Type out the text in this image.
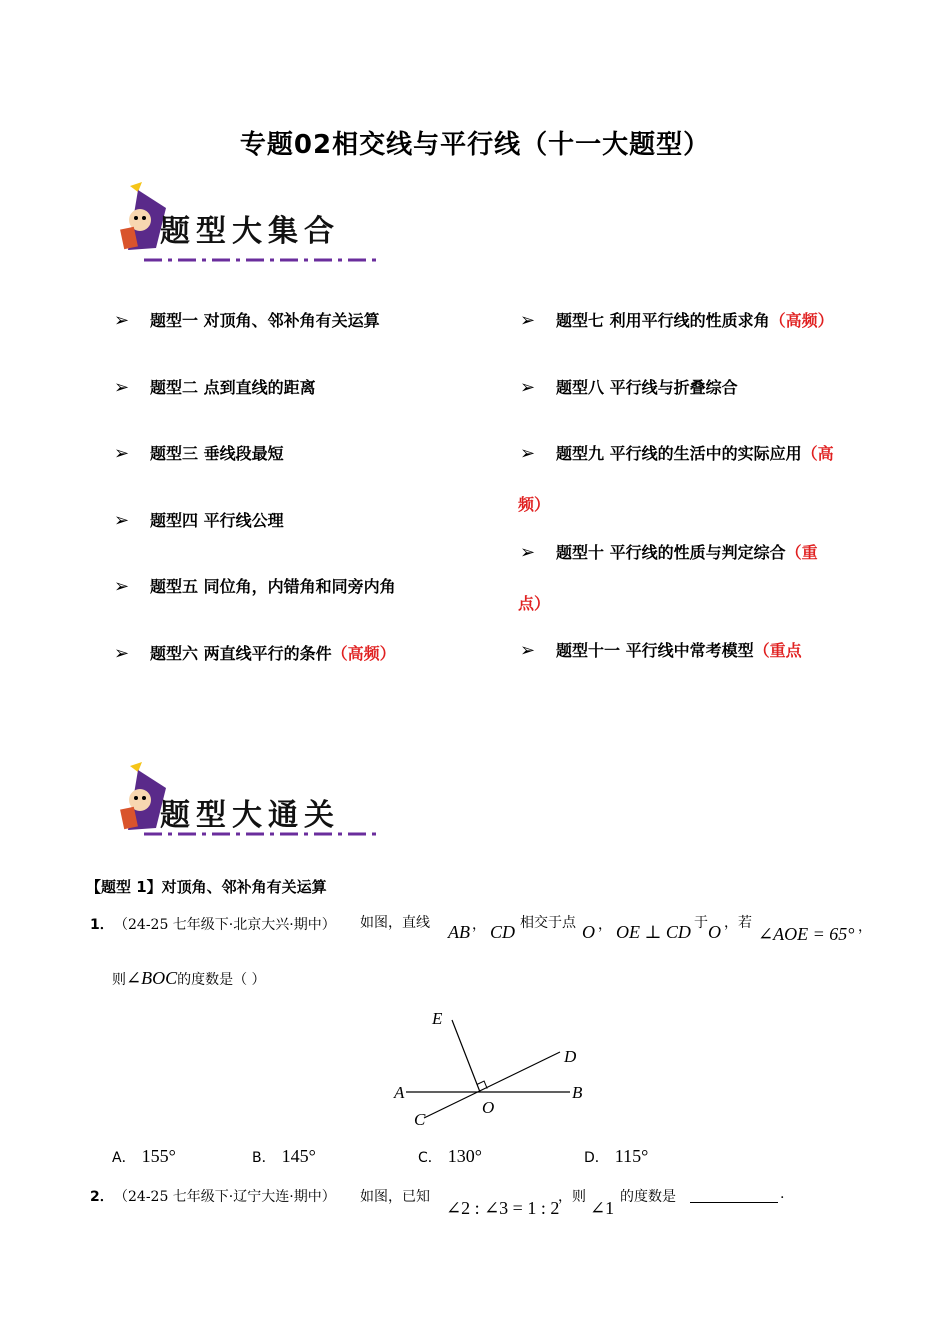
专题02相交线与平行线（十一大题型）
题型大集合
➢ 题型一 对顶角、邻补角有关运算
➢ 题型二 点到直线的距离
➢ 题型三 垂线段最短
➢ 题型四 平行线公理
➢ 题型五 同位角，内错角和同旁内角
➢ 题型六 两直线平行的条件（高频）
➢ 题型七 利用平行线的性质求角（高频）
➢ 题型八 平行线与折叠综合
➢ 题型九 平行线的生活中的实际应用（高
频）
➢ 题型十 平行线的性质与判定综合（重
点）
➢ 题型十一 平行线中常考模型（重点
题型大通关
【题型 1】对顶角、邻补角有关运算
1． （24-25 七年级下·北京大兴·期中） 如图，直线 AB ， CD 相交于点 O ， OE ⊥ CD 于 O ，若
∠AOE = 65° ，
则∠BOC的度数是（ ）
E
D
A	B
C
O
A． 155°	B． 145°	C． 130°	D． 115°
2． （24-25 七年级下·辽宁大连·期中） 如图，已知
∠2 : ∠3 = 1 : 2
，则
∠1
的度数是	.
